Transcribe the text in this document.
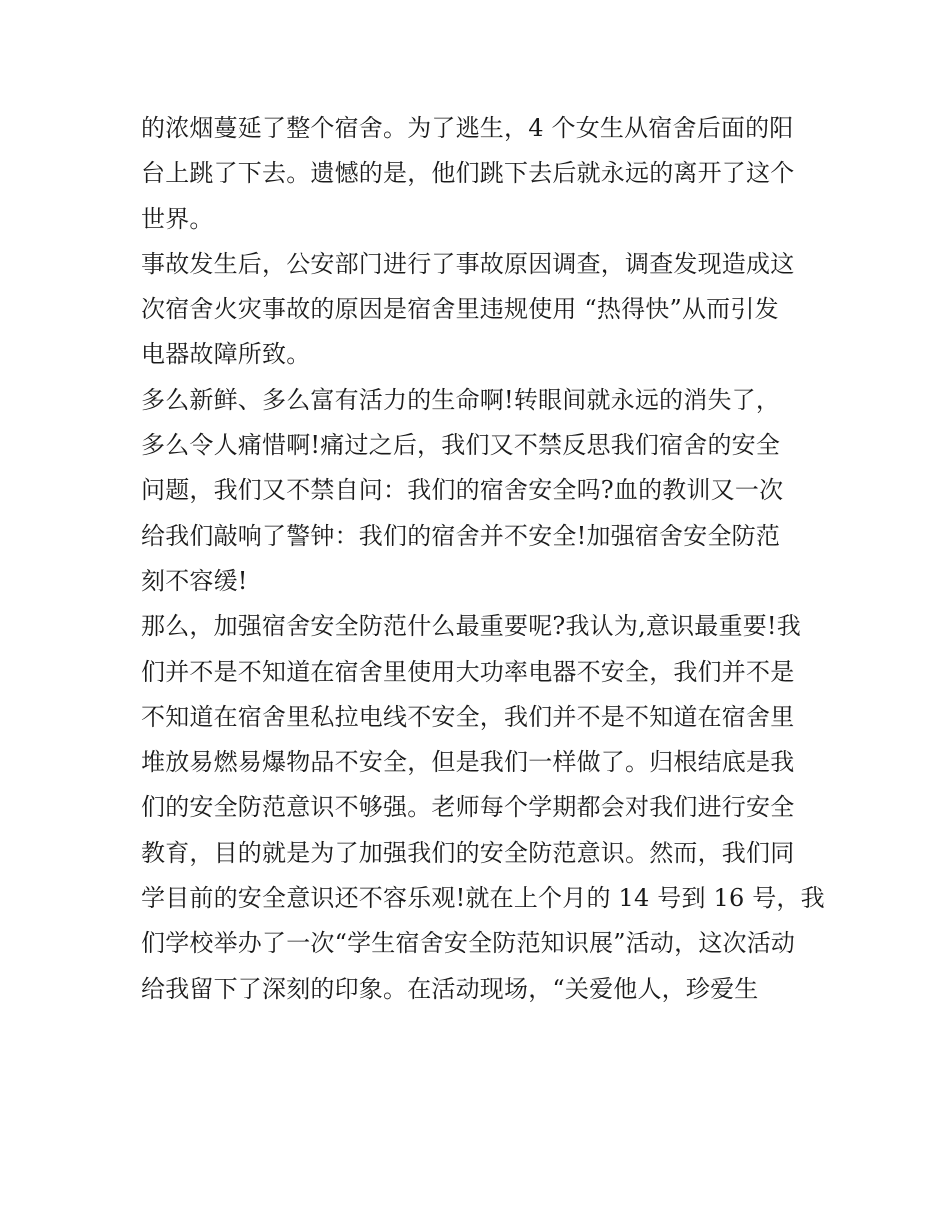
的浓烟蔓延了整个宿舍。为了逃生，4 个女生从宿舍后面的阳
台上跳了下去。遗憾的是，他们跳下去后就永远的离开了这个
世界。
事故发生后，公安部门进行了事故原因调查，调查发现造成这
次宿舍火灾事故的原因是宿舍里违规使用 “热得快”从而引发
电器故障所致。
多么新鲜、多么富有活力的生命啊!转眼间就永远的消失了，
多么令人痛惜啊!痛过之后，我们又不禁反思我们宿舍的安全
问题，我们又不禁自问：我们的宿舍安全吗?血的教训又一次
给我们敲响了警钟：我们的宿舍并不安全!加强宿舍安全防范
刻不容缓!
那么，加强宿舍安全防范什么最重要呢?我认为,意识最重要!我
们并不是不知道在宿舍里使用大功率电器不安全，我们并不是
不知道在宿舍里私拉电线不安全，我们并不是不知道在宿舍里
堆放易燃易爆物品不安全，但是我们一样做了。归根结底是我
们的安全防范意识不够强。老师每个学期都会对我们进行安全
教育，目的就是为了加强我们的安全防范意识。然而，我们同
学目前的安全意识还不容乐观!就在上个月的 14 号到 16 号，我
们学校举办了一次“学生宿舍安全防范知识展”活动，这次活动
给我留下了深刻的印象。在活动现场，“关爱他人，珍爱生
